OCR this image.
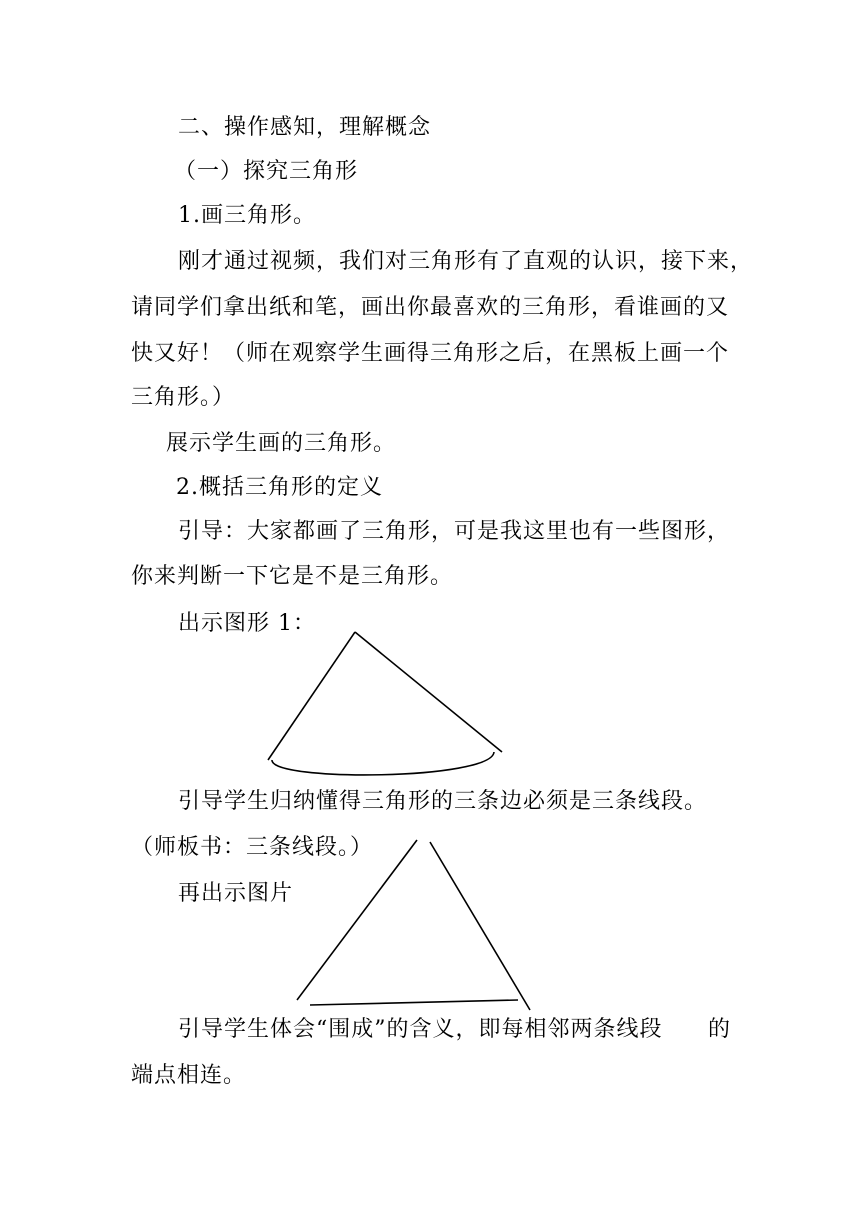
二、操作感知，理解概念
（一）探究三角形
1.画三角形。
刚才通过视频，我们对三角形有了直观的认识，接下来，
请同学们拿出纸和笔，画出你最喜欢的三角形，看谁画的又
快又好！（师在观察学生画得三角形之后，在黑板上画一个
三角形。）
展示学生画的三角形。
2.概括三角形的定义
引导：大家都画了三角形，可是我这里也有一些图形，
你来判断一下它是不是三角形。
出示图形 1：
引导学生归纳懂得三角形的三条边必须是三条线段。
（师板书：三条线段。）
再出示图片
引导学生体会“围成”的含义，即每相邻两条线段 的
端点相连。
